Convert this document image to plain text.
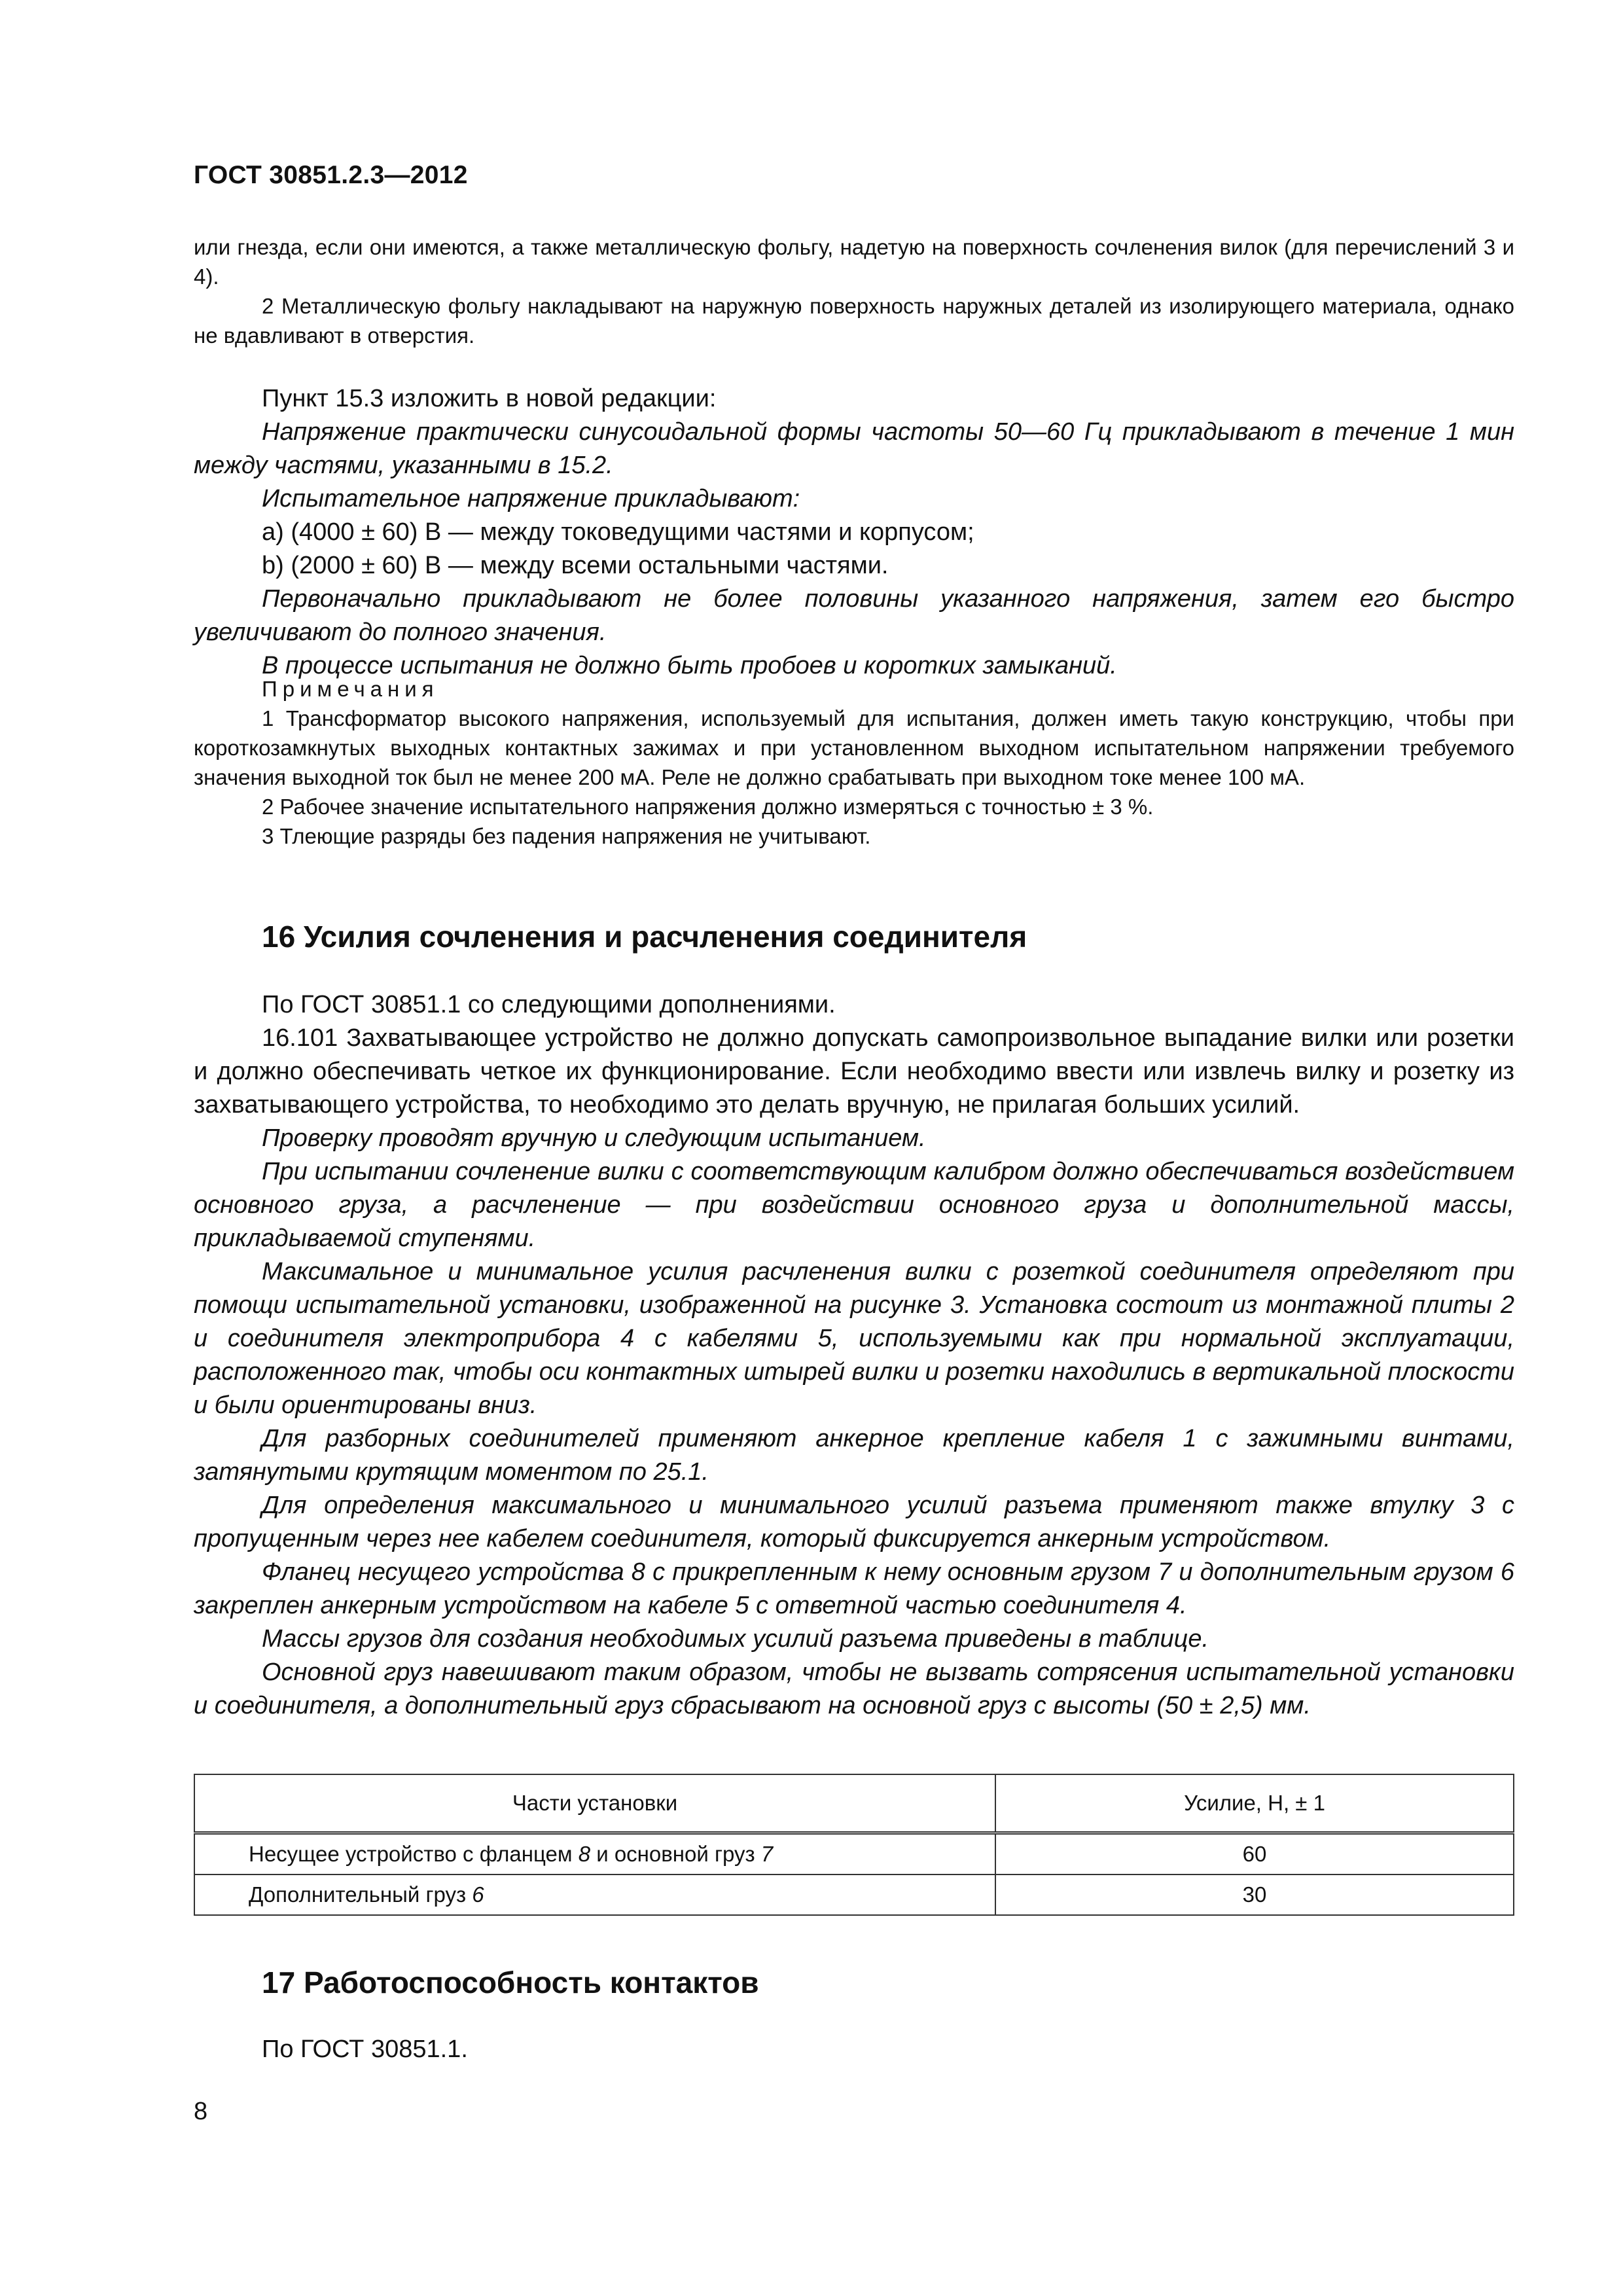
ГОСТ 30851.2.3—2012

или гнезда, если они имеются, а также металлическую фольгу, надетую на поверхность сочленения вилок (для перечислений 3 и 4).

2 Металлическую фольгу накладывают на наружную поверхность наружных деталей из изолирующего материала, однако не вдавливают в отверстия.

Пункт 15.3 изложить в новой редакции:

Напряжение практически синусоидальной формы частоты 50—60 Гц прикладывают в течение 1 мин между частями, указанными в 15.2.

Испытательное напряжение прикладывают:

a) (4000 ± 60) В — между токоведущими частями и корпусом;

b) (2000 ± 60) В — между всеми остальными частями.

Первоначально прикладывают не более половины указанного напряжения, затем его быстро увеличивают до полного значения.

В процессе испытания не должно быть пробоев и коротких замыканий.

Примечания

1 Трансформатор высокого напряжения, используемый для испытания, должен иметь такую конструкцию, чтобы при короткозамкнутых выходных контактных зажимах и при установленном выходном испытательном напряжении требуемого значения выходной ток был не менее 200 мА. Реле не должно срабатывать при выходном токе менее 100 мА.

2 Рабочее значение испытательного напряжения должно измеряться с точностью ± 3 %.

3 Тлеющие разряды без падения напряжения не учитывают.

16 Усилия сочленения и расчленения соединителя

По ГОСТ 30851.1 со следующими дополнениями.

16.101 Захватывающее устройство не должно допускать самопроизвольное выпадание вилки или розетки и должно обеспечивать четкое их функционирование. Если необходимо ввести или извлечь вилку и розетку из захватывающего устройства, то необходимо это делать вручную, не прилагая больших усилий.

Проверку проводят вручную и следующим испытанием.

При испытании сочленение вилки с соответствующим калибром должно обеспечиваться воздействием основного груза, а расчленение — при воздействии основного груза и дополнительной массы, прикладываемой ступенями.

Максимальное и минимальное усилия расчленения вилки с розеткой соединителя определяют при помощи испытательной установки, изображенной на рисунке 3. Установка состоит из монтажной плиты 2 и соединителя электроприбора 4 с кабелями 5, используемыми как при нормальной эксплуатации, расположенного так, чтобы оси контактных штырей вилки и розетки находились в вертикальной плоскости и были ориентированы вниз.

Для разборных соединителей применяют анкерное крепление кабеля 1 с зажимными винтами, затянутыми крутящим моментом по 25.1.

Для определения максимального и минимального усилий разъема применяют также втулку 3 с пропущенным через нее кабелем соединителя, который фиксируется анкерным устройством.

Фланец несущего устройства 8 с прикрепленным к нему основным грузом 7 и дополнительным грузом 6 закреплен анкерным устройством на кабеле 5 с ответной частью соединителя 4.

Массы грузов для создания необходимых усилий разъема приведены в таблице.

Основной груз навешивают таким образом, чтобы не вызвать сотрясения испытательной установки и соединителя, а дополнительный груз сбрасывают на основной груз с высоты (50 ± 2,5) мм.

Части установки	Усилие, Н, ± 1
Несущее устройство с фланцем 8 и основной груз 7	60
Дополнительный груз 6	30
17 Работоспособность контактов

По ГОСТ 30851.1.

8
